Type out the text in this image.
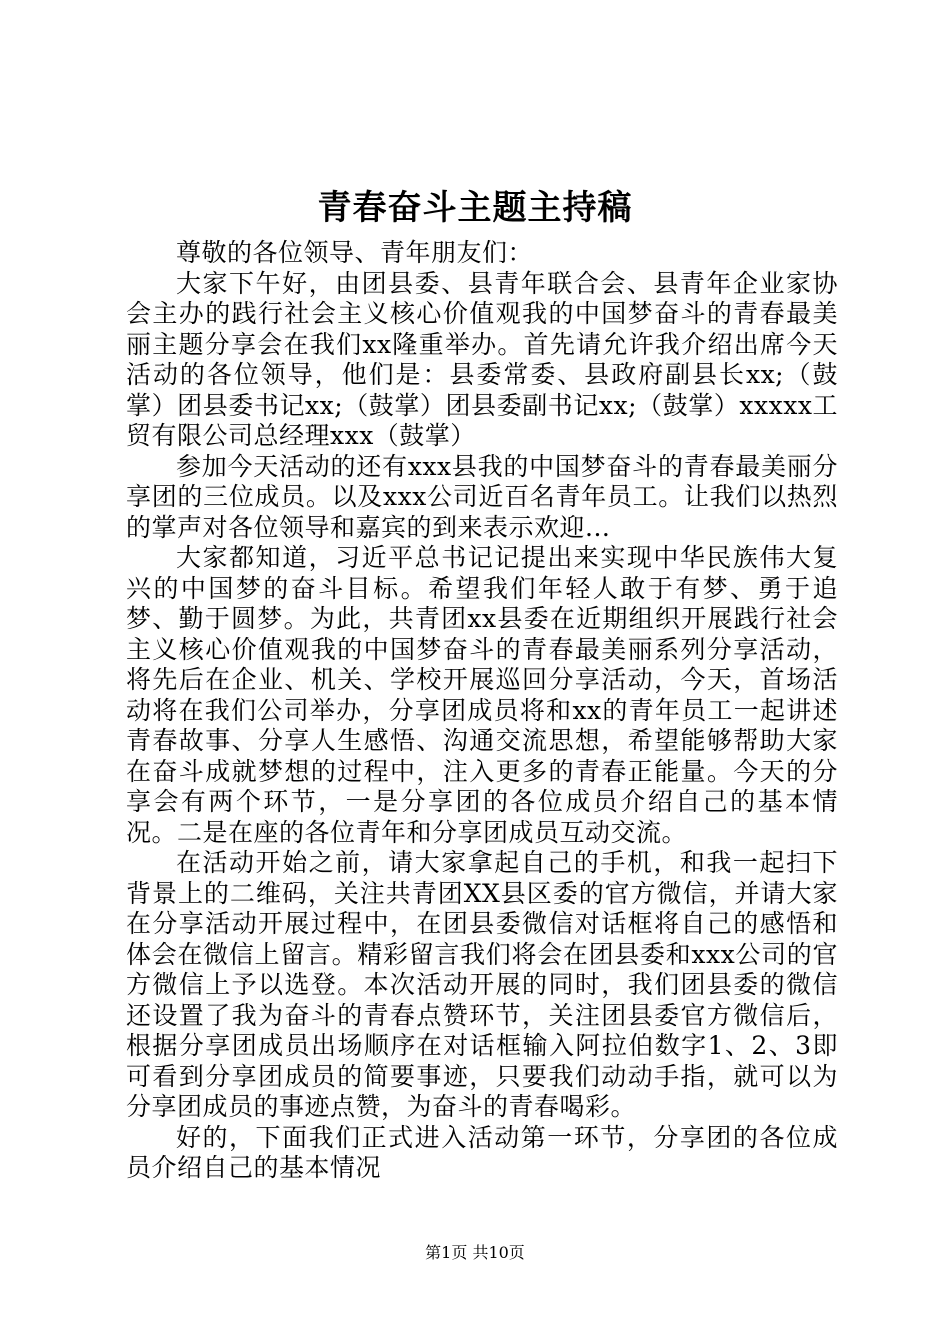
青春奋斗主题主持稿

尊敬的各位领导、青年朋友们：

大家下午好，由团县委、县青年联合会、县青年企业家协会主办的践行社会主义核心价值观我的中国梦奋斗的青春最美丽主题分享会在我们xx隆重举办。首先请允许我介绍出席今天活动的各位领导，他们是：县委常委、县政府副县长xx;（鼓掌）团县委书记xx;（鼓掌）团县委副书记xx;（鼓掌）xxxxx工贸有限公司总经理xxx（鼓掌）

参加今天活动的还有xxx县我的中国梦奋斗的青春最美丽分享团的三位成员。以及xxx公司近百名青年员工。让我们以热烈的掌声对各位领导和嘉宾的到来表示欢迎...

大家都知道，习近平总书记记提出来实现中华民族伟大复兴的中国梦的奋斗目标。希望我们年轻人敢于有梦、勇于追梦、勤于圆梦。为此，共青团xx县委在近期组织开展践行社会主义核心价值观我的中国梦奋斗的青春最美丽系列分享活动，将先后在企业、机关、学校开展巡回分享活动，今天，首场活动将在我们公司举办，分享团成员将和xx的青年员工一起讲述青春故事、分享人生感悟、沟通交流思想，希望能够帮助大家在奋斗成就梦想的过程中，注入更多的青春正能量。今天的分享会有两个环节，一是分享团的各位成员介绍自己的基本情况。二是在座的各位青年和分享团成员互动交流。

在活动开始之前，请大家拿起自己的手机，和我一起扫下背景上的二维码，关注共青团XX县区委的官方微信，并请大家在分享活动开展过程中，在团县委微信对话框将自己的感悟和体会在微信上留言。精彩留言我们将会在团县委和xxx公司的官方微信上予以选登。本次活动开展的同时，我们团县委的微信还设置了我为奋斗的青春点赞环节，关注团县委官方微信后，根据分享团成员出场顺序在对话框输入阿拉伯数字1、2、3即可看到分享团成员的简要事迹，只要我们动动手指，就可以为分享团成员的事迹点赞，为奋斗的青春喝彩。

好的，下面我们正式进入活动第一环节，分享团的各位成员介绍自己的基本情况

第1页 共10页
